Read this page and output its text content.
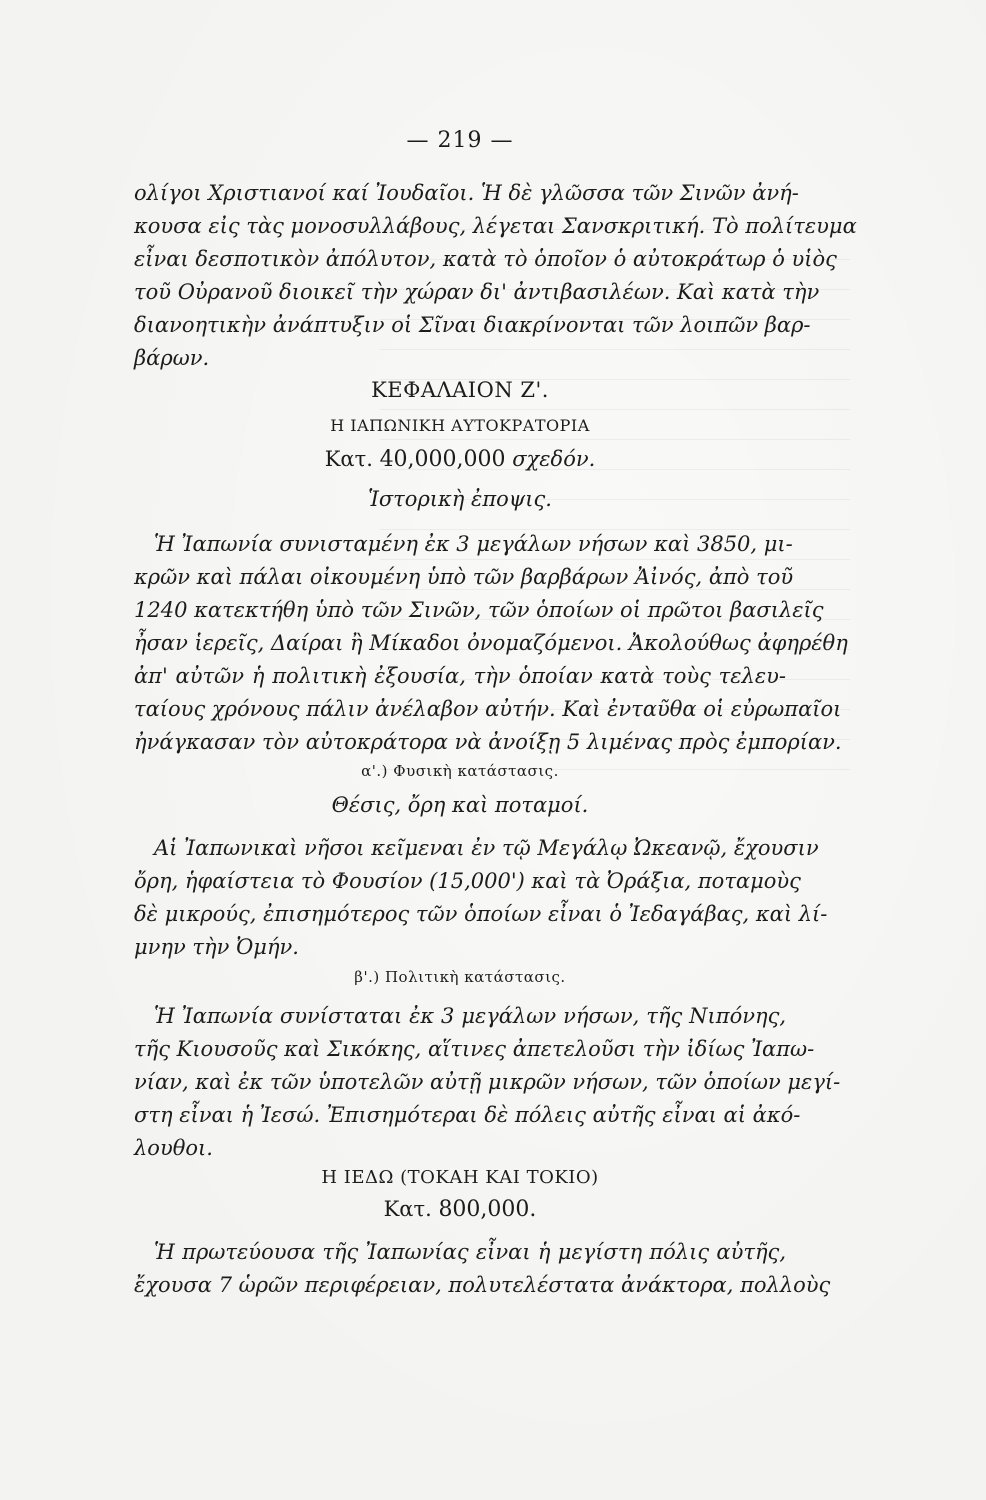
— 219 —
ολίγοι Χριστιανοί καί Ἰουδαῖοι. Ἡ δὲ γλῶσσα τῶν Σινῶν ἀνή-
κουσα εἰς τὰς μονοσυλλάβους, λέγεται Σανσκριτική. Τὸ πολίτευμα
εἶναι δεσποτικὸν ἀπόλυτον, κατὰ τὸ ὁποῖον ὁ αὐτοκράτωρ ὁ υἱὸς
τοῦ Οὐρανοῦ διοικεῖ τὴν χώραν δι' ἀντιβασιλέων. Καὶ κατὰ τὴν
διανοητικὴν ἀνάπτυξιν οἱ Σῖναι διακρίνονται τῶν λοιπῶν βαρ-
βάρων.
ΚΕΦΑΛΑΙΟΝ Ζ'.
Η ΙΑΠΩΝΙΚΗ ΑΥΤΟΚΡΑΤΟΡΙΑ
Κατ. 40,000,000 σχεδόν.
Ἱστορικὴ ἐποψις.
Ἡ Ἰαπωνία συνισταμένη ἐκ 3 μεγάλων νήσων καὶ 3850, μι-
κρῶν καὶ πάλαι οἰκουμένη ὑπὸ τῶν βαρβάρων Ἀἰνός, ἀπὸ τοῦ
1240 κατεκτήθη ὑπὸ τῶν Σινῶν, τῶν ὁποίων οἱ πρῶτοι βασιλεῖς
ἦσαν ἱερεῖς, Δαίραι ἢ Μίκαδοι ὀνομαζόμενοι. Ἀκολούθως ἀφηρέθη
ἀπ' αὐτῶν ἡ πολιτικὴ ἐξουσία, τὴν ὁποίαν κατὰ τοὺς τελευ-
ταίους χρόνους πάλιν ἀνέλαβον αὐτήν. Καὶ ἐνταῦθα οἱ εὐρωπαῖοι
ἠνάγκασαν τὸν αὐτοκράτορα νὰ ἀνοίξῃ 5 λιμένας πρὸς ἐμπορίαν.
α'.) Φυσικὴ κατάστασις.
Θέσις, ὄρη καὶ ποταμοί.
Αἱ Ἰαπωνικαὶ νῆσοι κεῖμεναι ἐν τῷ Μεγάλῳ Ὠκεανῷ, ἔχουσιν
ὄρη, ἡφαίστεια τὸ Φουσίον (15,000') καὶ τὰ Ὀράξια, ποταμοὺς
δὲ μικρούς, ἐπισημότερος τῶν ὁποίων εἶναι ὁ Ἰεδαγάβας, καὶ λί-
μνην τὴν Ὀμήν.
β'.) Πολιτικὴ κατάστασις.
Ἡ Ἰαπωνία συνίσταται ἐκ 3 μεγάλων νήσων, τῆς Νιπόνης,
τῆς Κιουσοῦς καὶ Σικόκης, αἵτινες ἀπετελοῦσι τὴν ἰδίως Ἰαπω-
νίαν, καὶ ἐκ τῶν ὑποτελῶν αὐτῇ μικρῶν νήσων, τῶν ὁποίων μεγί-
στη εἶναι ἡ Ἰεσώ. Ἐπισημότεραι δὲ πόλεις αὐτῆς εἶναι αἱ ἀκό-
λουθοι.
Η ΙΕΔΩ (ΤΟΚΑΗ ΚΑΙ ΤΟΚΙΟ)
Κατ. 800,000.
Ἡ πρωτεύουσα τῆς Ἰαπωνίας εἶναι ἡ μεγίστη πόλις αὐτῆς,
ἔχουσα 7 ὡρῶν περιφέρειαν, πολυτελέστατα ἀνάκτορα, πολλοὺς
